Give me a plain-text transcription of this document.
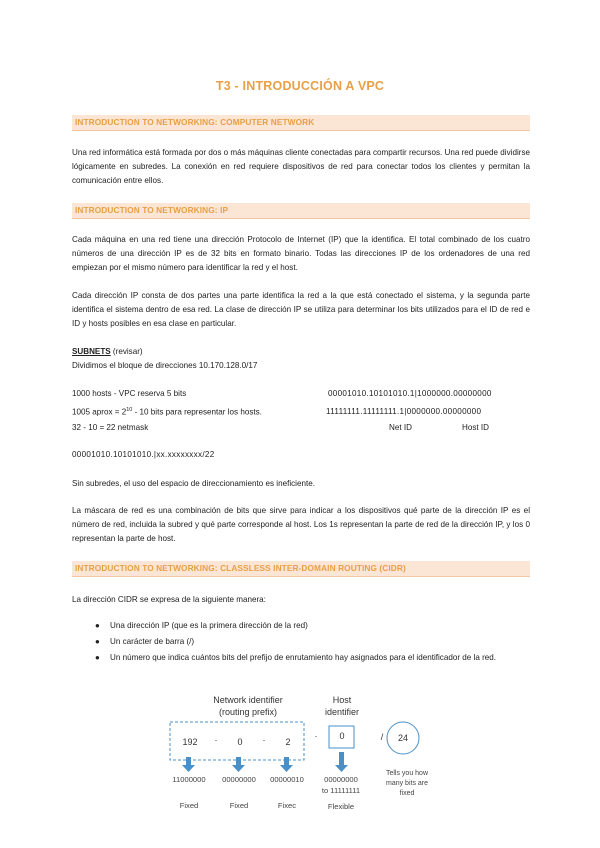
T3 - INTRODUCCIÓN A VPC
INTRODUCTION TO NETWORKING: COMPUTER NETWORK
Una red informática está formada por dos o más máquinas cliente conectadas para compartir recursos. Una red puede dividirse lógicamente en subredes. La conexión en red requiere dispositivos de red para conectar todos los clientes y permitan la comunicación entre ellos.
INTRODUCTION TO NETWORKING: IP
Cada máquina en una red tiene una dirección Protocolo de Internet (IP) que la identifica. El total combinado de los cuatro números de una dirección IP es de 32 bits en formato binario. Todas las direcciones IP de los ordenadores de una red empiezan por el mismo número para identificar la red y el host.
Cada dirección IP consta de dos partes una parte identifica la red a la que está conectado el sistema, y la segunda parte identifica el sistema dentro de esa red. La clase de dirección IP se utiliza para determinar los bits utilizados para el ID de red e ID y hosts posibles en esa clase en particular.
SUBNETS (revisar)
Dividimos el bloque de direcciones 10.170.128.0/17
1000 hosts - VPC reserva 5 bits	00001010.10101010.1|1000000.00000000
1005 aprox = $2^{10} - 10$ bits para representar los hosts.	11111111.11111111.1|0000000.00000000
32 - 10 = 22 netmask	Net ID	Host ID
00001010.10101010.|xx.xxxxxxxx/22
Sin subredes, el uso del espacio de direccionamiento es ineficiente.
La máscara de red es una combinación de bits que sirve para indicar a los dispositivos qué parte de la dirección IP es el número de red, incluida la subred y qué parte corresponde al host. Los 1s representan la parte de red de la dirección IP, y los 0 representan la parte de host.
INTRODUCTION TO NETWORKING: CLASSLESS INTER-DOMAIN ROUTING (CIDR)
La dirección CIDR se expresa de la siguiente manera:
● Una dirección IP (que es la primera dirección de la red)
● Un carácter de barra (/)
● Un número que indica cuántos bits del prefijo de enrutamiento hay asignados para el identificador de la red.
Network identifier
(routing prefix)
Host
identifier
192	·	0	·	2
·	0	/	24
11000000	00000000	00000010	00000000
to 11111111
Fixed	Fixed	Fixec	Flexible
Tells you how
many bits are
fixed
